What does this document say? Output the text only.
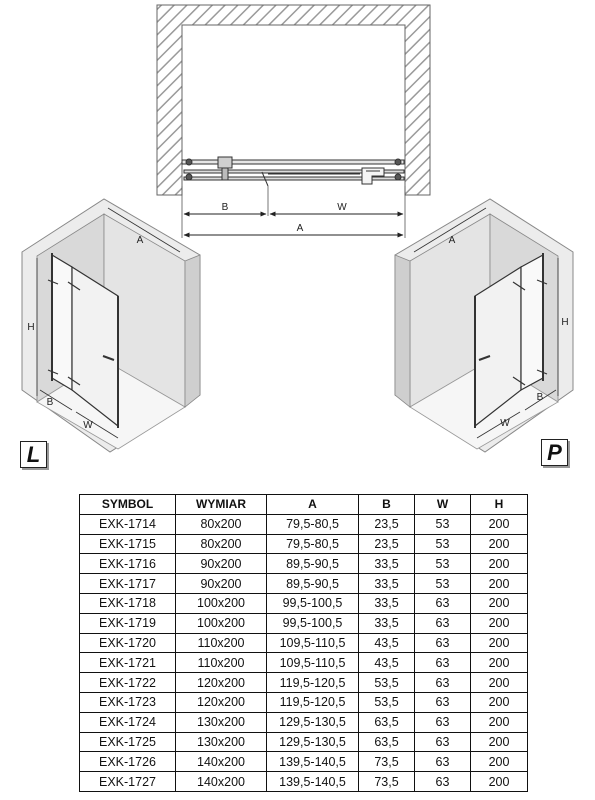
B	W
A
A
H
B
W
A
H
B
W
L	P
SYMBOL	WYMIAR	A	B	W	H
EXK-1714	80x200	79,5-80,5	23,5	53	200
EXK-1715	80x200	79,5-80,5	23,5	53	200
EXK-1716	90x200	89,5-90,5	33,5	53	200
EXK-1717	90x200	89,5-90,5	33,5	53	200
EXK-1718	100x200	99,5-100,5	33,5	63	200
EXK-1719	100x200	99,5-100,5	33,5	63	200
EXK-1720	110x200	109,5-110,5	43,5	63	200
EXK-1721	110x200	109,5-110,5	43,5	63	200
EXK-1722	120x200	119,5-120,5	53,5	63	200
EXK-1723	120x200	119,5-120,5	53,5	63	200
EXK-1724	130x200	129,5-130,5	63,5	63	200
EXK-1725	130x200	129,5-130,5	63,5	63	200
EXK-1726	140x200	139,5-140,5	73,5	63	200
EXK-1727	140x200	139,5-140,5	73,5	63	200
